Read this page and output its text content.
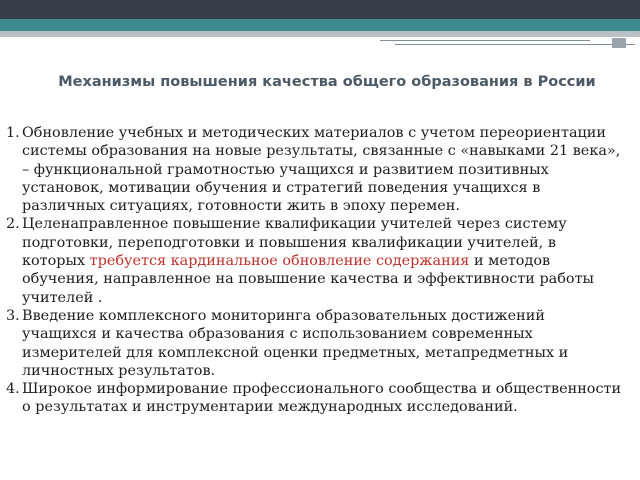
Механизмы повышения качества общего образования в России
1. Обновление учебных и методических материалов с учетом переориентации системы образования на новые результаты, связанные с «навыками 21 века», – функциональной грамотностью учащихся и развитием позитивных установок, мотивации обучения и стратегий поведения учащихся в различных ситуациях, готовности жить в эпоху перемен.
2. Целенаправленное повышение квалификации учителей через систему подготовки, переподготовки и повышения квалификации учителей, в которых требуется кардинальное обновление содержания и методов обучения, направленное на повышение качества и эффективности работы учителей .
3. Введение комплексного мониторинга образовательных достижений учащихся и качества образования с использованием современных измерителей для комплексной оценки предметных, метапредметных и личностных результатов.
4. Широкое информирование профессионального сообщества и общественности о результатах и инструментарии международных исследований.
